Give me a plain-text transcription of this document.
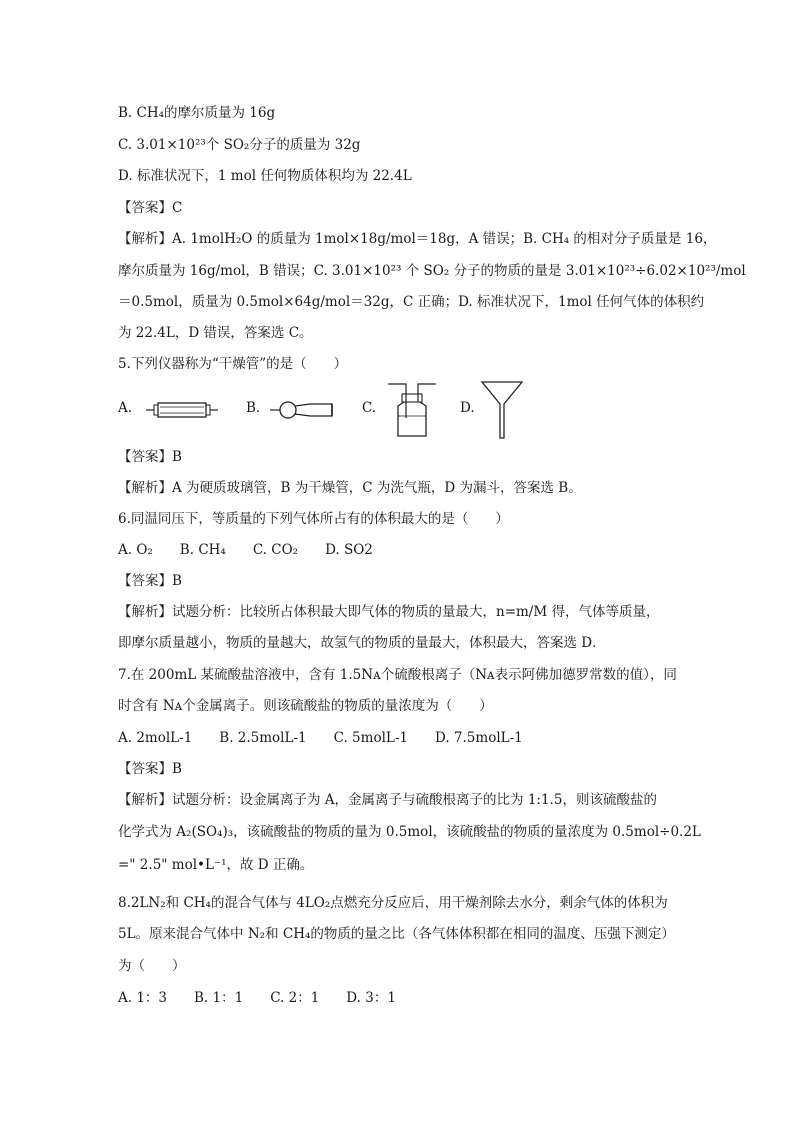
B. CH₄的摩尔质量为 16g
C. 3.01×10²³个 SO₂分子的质量为 32g
D. 标准状况下，1 mol 任何物质体积均为 22.4L
【答案】C
【解析】A. 1molH₂O 的质量为 1mol×18g/mol＝18g，A 错误；B. CH₄ 的相对分子质量是 16，
摩尔质量为 16g/mol，B 错误；C. 3.01×10²³ 个 SO₂ 分子的物质的量是 3.01×10²³÷6.02×10²³/mol
＝0.5mol，质量为 0.5mol×64g/mol＝32g，C 正确；D. 标准状况下，1mol 任何气体的体积约
为 22.4L，D 错误，答案选 C。
5.下列仪器称为“干燥管”的是（　　）
A.	B.	C.	D.
【答案】B
【解析】A 为硬质玻璃管，B 为干燥管，C 为洗气瓶，D 为漏斗，答案选 B。
6.同温同压下，等质量的下列气体所占有的体积最大的是（　　）
A. O₂　　B. CH₄　　C. CO₂　　D. SO2
【答案】B
【解析】试题分析：比较所占体积最大即气体的物质的量最大，n=m/M 得，气体等质量，
即摩尔质量越小，物质的量越大，故氢气的物质的量最大，体积最大，答案选 D．
7.在 200mL 某硫酸盐溶液中，含有 1.5Nᴀ个硫酸根离子（Nᴀ表示阿佛加德罗常数的值），同
时含有 Nᴀ个金属离子。则该硫酸盐的物质的量浓度为（　　）
A. 2molL-1　　B. 2.5molL-1　　C. 5molL-1　　D. 7.5molL-1
【答案】B
【解析】试题分析：设金属离子为 A，金属离子与硫酸根离子的比为 1:1.5，则该硫酸盐的
化学式为 A₂(SO₄)₃，该硫酸盐的物质的量为 0.5mol，该硫酸盐的物质的量浓度为 0.5mol÷0.2L
=" 2.5" mol•L⁻¹，故 D 正确。
8.2LN₂和 CH₄的混合气体与 4LO₂点燃充分反应后，用干燥剂除去水分，剩余气体的体积为
5L。原来混合气体中 N₂和 CH₄的物质的量之比（各气体体积都在相同的温度、压强下测定）
为（　　）
A. 1：3　　B. 1：1　　C. 2：1　　D. 3：1
